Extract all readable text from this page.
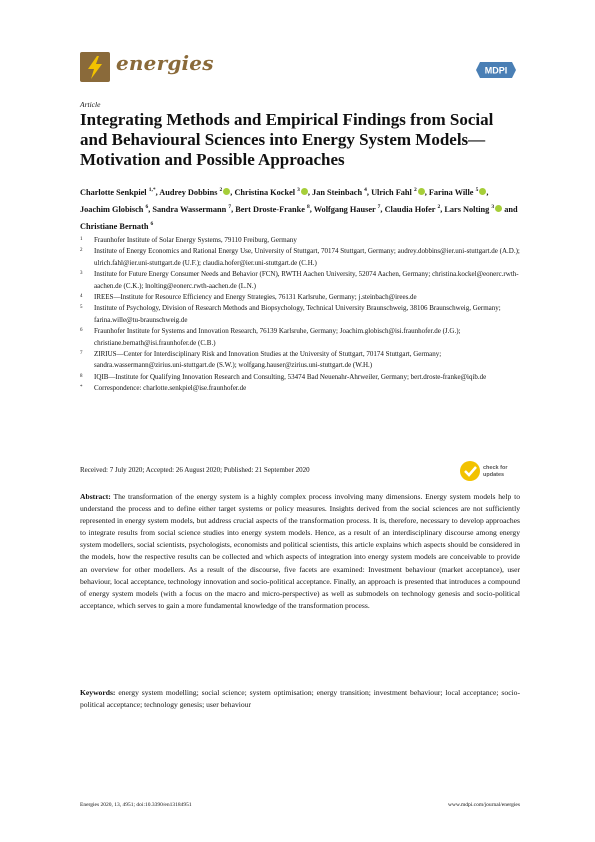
energies	MDPI
Article
Integrating Methods and Empirical Findings from Social and Behavioural Sciences into Energy System Models—Motivation and Possible Approaches
Charlotte Senkpiel $^{1,*}$, Audrey Dobbins $^2$ , Christina Kockel $^3$ , Jan Steinbach $^4$, Ulrich Fahl $^2$ , Farina Wille $^5$ , Joachim Globisch $^6$, Sandra Wassermann $^7$, Bert Droste-Franke $^8$, Wolfgang Hauser $^7$, Claudia Hofer $^2$, Lars Nolting $^3$ and Christiane Bernath $^6$
1	Fraunhofer Institute of Solar Energy Systems, 79110 Freiburg, Germany
2	Institute of Energy Economics and Rational Energy Use, University of Stuttgart, 70174 Stuttgart, Germany; audrey.dobbins@ier.uni-stuttgart.de (A.D.); ulrich.fahl@ier.uni-stuttgart.de (U.F.); claudia.hofer@ier.uni-stuttgart.de (C.H.)
3	Institute for Future Energy Consumer Needs and Behavior (FCN), RWTH Aachen University, 52074 Aachen, Germany; christina.kockel@eonerc.rwth-aachen.de (C.K.); lnolting@eonerc.rwth-aachen.de (L.N.)
4	IREES—Institute for Resource Efficiency and Energy Strategies, 76131 Karlsruhe, Germany; j.steinbach@irees.de
5	Institute of Psychology, Division of Research Methods and Biopsychology, Technical University Braunschweig, 38106 Braunschweig, Germany; farina.wille@tu-braunschweig.de
6	Fraunhofer Institute for Systems and Innovation Research, 76139 Karlsruhe, Germany; Joachim.globisch@isi.fraunhofer.de (J.G.); christiane.bernath@isi.fraunhofer.de (C.B.)
7	ZIRIUS—Center for Interdisciplinary Risk and Innovation Studies at the University of Stuttgart, 70174 Stuttgart, Germany; sandra.wassermann@zirius.uni-stuttgart.de (S.W.); wolfgang.hauser@zirius.uni-stuttgart.de (W.H.)
8	IQIB—Institute for Qualifying Innovation Research and Consulting, 53474 Bad Neuenahr-Ahrweiler, Germany; bert.droste-franke@iqib.de
*	Correspondence: charlotte.senkpiel@ise.fraunhofer.de
Received: 7 July 2020; Accepted: 26 August 2020; Published: 21 September 2020	check for
updates

Abstract: The transformation of the energy system is a highly complex process involving many dimensions. Energy system models help to understand the process and to define either target systems or policy measures. Insights derived from the social sciences are not sufficiently represented in energy system models, but address crucial aspects of the transformation process. It is, therefore, necessary to develop approaches to integrate results from social science studies into energy system models. Hence, as a result of an interdisciplinary discourse among energy system modellers, social scientists, psychologists, economists and political scientists, this article explains which aspects should be considered in the models, how the respective results can be collected and which aspects of integration into energy system models are conceivable to provide an overview for other modellers. As a result of the discourse, five facets are examined: Investment behaviour (market acceptance), user behaviour, local acceptance, technology innovation and socio-political acceptance. Finally, an approach is presented that introduces a compound of energy system models (with a focus on the macro and micro-perspective) as well as submodels on technology genesis and socio-political acceptance, which serves to gain a more fundamental knowledge of the transformation process.

Keywords: energy system modelling; social science; system optimisation; energy transition; investment behaviour; local acceptance; socio-political acceptance; technology genesis; user behaviour

Energies 2020, 13, 4951; doi:10.3390/en13184951	www.mdpi.com/journal/energies
